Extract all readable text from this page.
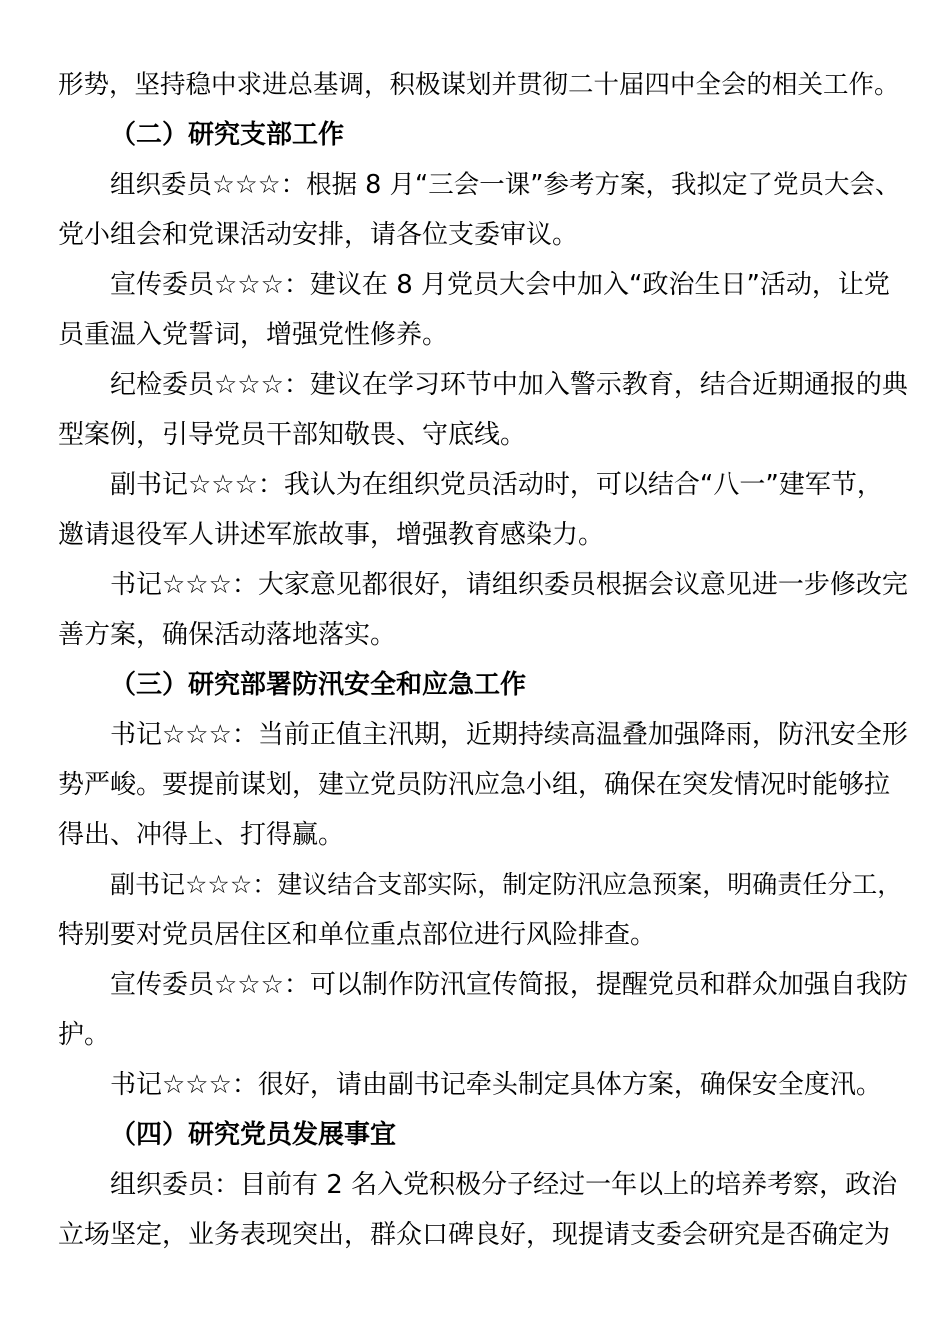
形势，坚持稳中求进总基调，积极谋划并贯彻二十届四中全会的相关工作。
（二）研究支部工作
组织委员☆☆☆：根据 8 月“三会一课”参考方案，我拟定了党员大会、
党小组会和党课活动安排，请各位支委审议。
宣传委员☆☆☆：建议在 8 月党员大会中加入“政治生日”活动，让党
员重温入党誓词，增强党性修养。
纪检委员☆☆☆：建议在学习环节中加入警示教育，结合近期通报的典
型案例，引导党员干部知敬畏、守底线。
副书记☆☆☆：我认为在组织党员活动时，可以结合“八一”建军节，
邀请退役军人讲述军旅故事，增强教育感染力。
书记☆☆☆：大家意见都很好，请组织委员根据会议意见进一步修改完
善方案，确保活动落地落实。
（三）研究部署防汛安全和应急工作
书记☆☆☆：当前正值主汛期，近期持续高温叠加强降雨，防汛安全形
势严峻。要提前谋划，建立党员防汛应急小组，确保在突发情况时能够拉
得出、冲得上、打得赢。
副书记☆☆☆：建议结合支部实际，制定防汛应急预案，明确责任分工，
特别要对党员居住区和单位重点部位进行风险排查。
宣传委员☆☆☆：可以制作防汛宣传简报，提醒党员和群众加强自我防
护。
书记☆☆☆：很好，请由副书记牵头制定具体方案，确保安全度汛。
（四）研究党员发展事宜
组织委员：目前有 2 名入党积极分子经过一年以上的培养考察，政治
立场坚定，业务表现突出，群众口碑良好，现提请支委会研究是否确定为
